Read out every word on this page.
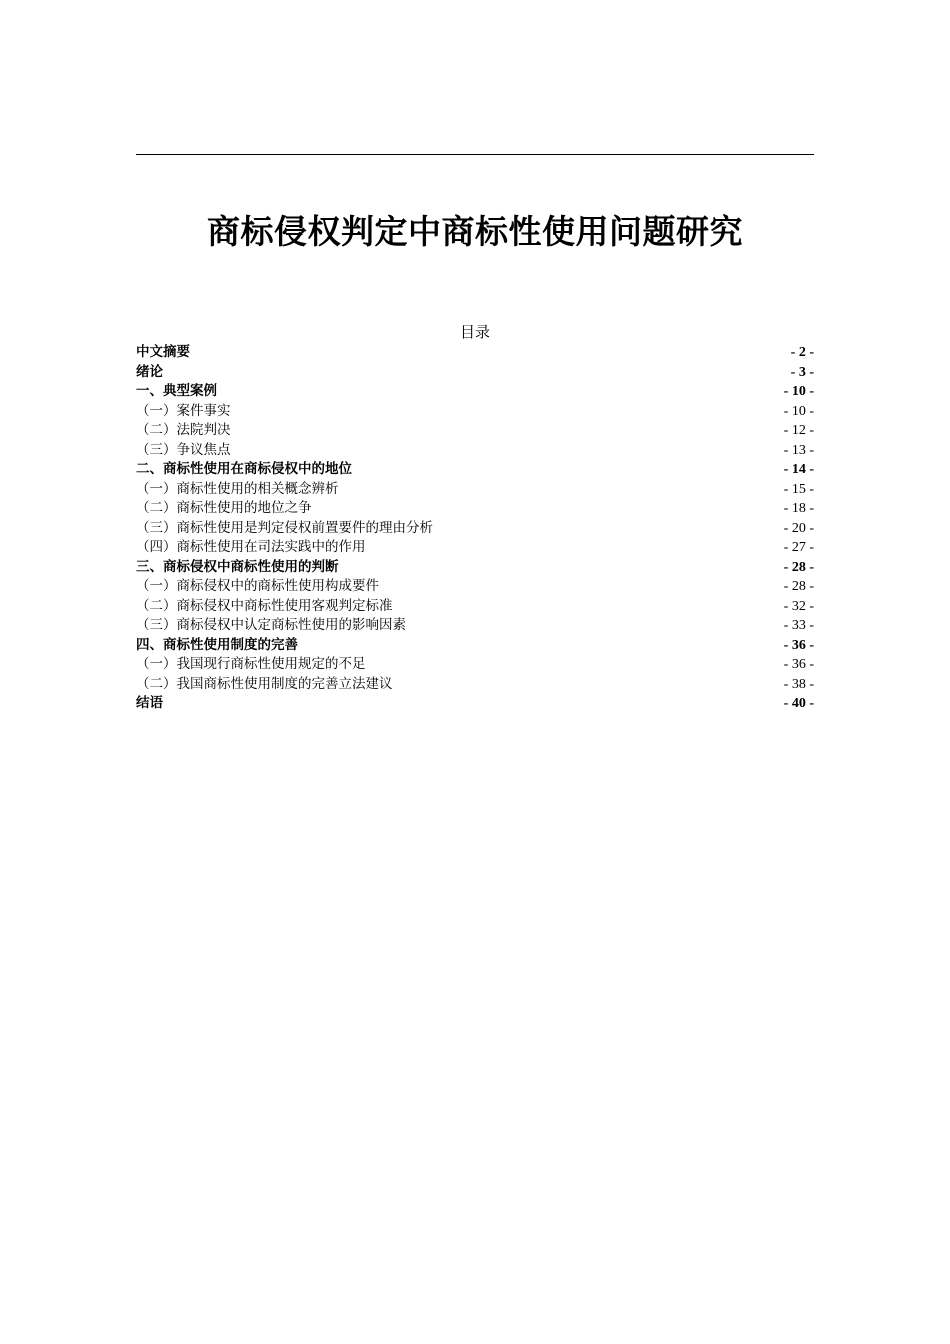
商标侵权判定中商标性使用问题研究
目录
中文摘要	- 2 -
绪论	- 3 -
一、典型案例	- 10 -
（一）案件事实	- 10 -
（二）法院判决	- 12 -
（三）争议焦点	- 13 -
二、商标性使用在商标侵权中的地位	- 14 -
（一）商标性使用的相关概念辨析	- 15 -
（二）商标性使用的地位之争	- 18 -
（三）商标性使用是判定侵权前置要件的理由分析	- 20 -
（四）商标性使用在司法实践中的作用	- 27 -
三、商标侵权中商标性使用的判断	- 28 -
（一）商标侵权中的商标性使用构成要件	- 28 -
（二）商标侵权中商标性使用客观判定标准	- 32 -
（三）商标侵权中认定商标性使用的影响因素	- 33 -
四、商标性使用制度的完善	- 36 -
（一）我国现行商标性使用规定的不足	- 36 -
（二）我国商标性使用制度的完善立法建议	- 38 -
结语	- 40 -
